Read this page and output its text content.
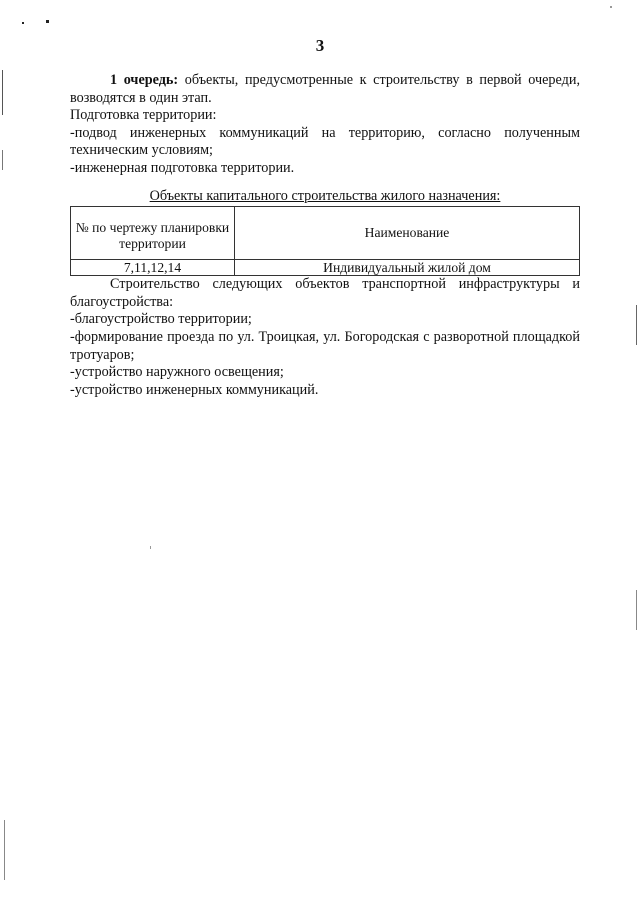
3

1 очередь: объекты, предусмотренные к строительству в первой очереди, возводятся в один этап.

Подготовка территории:

-подвод инженерных коммуникаций на территорию, согласно полученным техническим условиям;

-инженерная подготовка территории.

Объекты капитального строительства жилого назначения:

№ по чертежу планировки территории	Наименование
7,11,12,14	Индивидуальный жилой дом

Строительство следующих объектов транспортной инфраструктуры и благоустройства:

-благоустройство территории;

-формирование проезда по ул. Троицкая, ул. Богородская с разворотной площадкой тротуаров;

-устройство наружного освещения;

-устройство инженерных коммуникаций.
